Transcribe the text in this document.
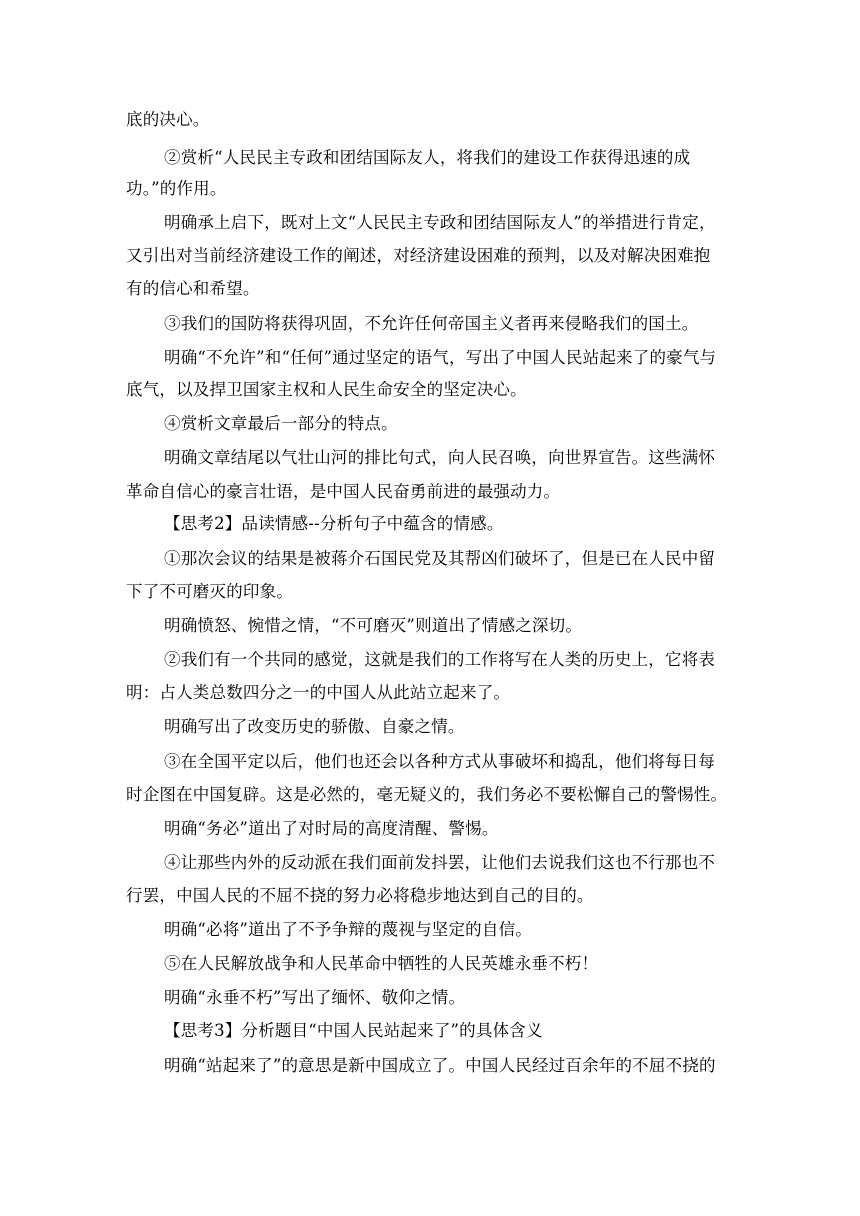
底的决心。
②赏析“人民民主专政和团结国际友人，将我们的建设工作获得迅速的成
功。”的作用。
明确承上启下，既对上文“人民民主专政和团结国际友人”的举措进行肯定，
又引出对当前经济建设工作的阐述，对经济建设困难的预判，以及对解决困难抱
有的信心和希望。
③我们的国防将获得巩固，不允许任何帝国主义者再来侵略我们的国土。
明确“不允许”和“任何”通过坚定的语气，写出了中国人民站起来了的豪气与
底气，以及捍卫国家主权和人民生命安全的坚定决心。
④赏析文章最后一部分的特点。
明确文章结尾以气壮山河的排比句式，向人民召唤，向世界宣告。这些满怀
革命自信心的豪言壮语，是中国人民奋勇前进的最强动力。
【思考2】品读情感--分析句子中蕴含的情感。
①那次会议的结果是被蒋介石国民党及其帮凶们破坏了，但是已在人民中留
下了不可磨灭的印象。
明确愤怒、惋惜之情，“不可磨灭”则道出了情感之深切。
②我们有一个共同的感觉，这就是我们的工作将写在人类的历史上，它将表
明：占人类总数四分之一的中国人从此站立起来了。
明确写出了改变历史的骄傲、自豪之情。
③在全国平定以后，他们也还会以各种方式从事破坏和捣乱，他们将每日每
时企图在中国复辟。这是必然的，毫无疑义的，我们务必不要松懈自己的警惕性。
明确“务必”道出了对时局的高度清醒、警惕。
④让那些内外的反动派在我们面前发抖罢，让他们去说我们这也不行那也不
行罢，中国人民的不屈不挠的努力必将稳步地达到自己的目的。
明确“必将”道出了不予争辩的蔑视与坚定的自信。
⑤在人民解放战争和人民革命中牺牲的人民英雄永垂不朽！
明确“永垂不朽”写出了缅怀、敬仰之情。
【思考3】分析题目“中国人民站起来了”的具体含义
明确“站起来了”的意思是新中国成立了。中国人民经过百余年的不屈不挠的
